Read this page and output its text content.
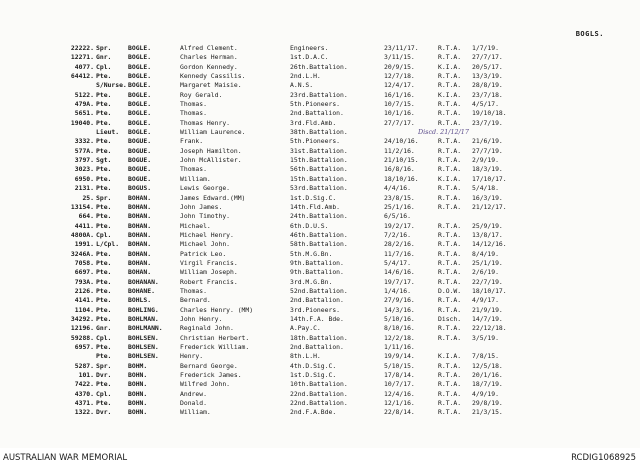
BOGLS.
22222. Spr.	BOGLE.	Alfred Clement.	Engineers.	23/11/17.	R.T.A.	1/7/19.
12271. Gnr.	BOGLE.	Charles Herman.	1st.D.A.C.	3/11/15.	R.T.A.	27/7/17.
4077. Cpl.	BOGLE.	Gordon Kennedy.	26th.Battalion.	20/9/15.	K.I.A.	20/5/17.
64412. Pte.	BOGLE.	Kennedy Cassilis.	2nd.L.H.	12/7/18.	R.T.A.	13/3/19.
S/Nurse. BOGLE.	Margaret Maisie.	A.N.S.	12/4/17.	R.T.A.	28/8/19.
5122. Pte.	BOGLE.	Roy Gerald.	23rd.Battalion.	16/1/16.	K.I.A.	23/7/18.
479A. Pte.	BOGLE.	Thomas.	5th.Pioneers.	10/7/15.	R.T.A.	4/5/17.
5651. Pte.	BOGLE.	Thomas.	2nd.Battalion.	10/1/16.	R.T.A.	19/10/18.
19040. Pte.	BOGLE.	Thomas Henry.	3rd.Fld.Amb.	27/7/17.	R.T.A.	23/7/19.
Lieut.	BOGLE.	William Laurence.	38th.Battalion.	Discd. 21/12/17
3332. Pte.	BOGUE.	Frank.	5th.Pioneers.	24/10/16.	R.T.A.	21/6/19.
577A. Pte.	BOGUE.	Joseph Hamilton.	31st.Battalion.	11/2/16.	R.T.A.	27/7/19.
3797. Sgt.	BOGUE.	John McAllister.	15th.Battalion.	21/10/15.	R.T.A.	2/9/19.
3023. Pte.	BOGUE.	Thomas.	56th.Battalion.	16/8/16.	R.T.A.	18/3/19.
6950. Pte.	BOGUE.	William.	15th.Battalion.	18/10/16.	K.I.A.	17/10/17.
2131. Pte.	BOGUS.	Lewis George.	53rd.Battalion.	4/4/16.	R.T.A.	5/4/18.
25. Spr.	BOHAN.	James Edward.(MM)	1st.D.Sig.C.	23/8/15.	R.T.A.	16/3/19.
13154. Pte.	BOHAN.	John James.	14th.Fld.Amb.	25/1/16.	R.T.A.	21/12/17.
664. Pte.	BOHAN.	John Timothy.	24th.Battalion.	6/5/16.
4411. Pte.	BOHAN.	Michael.	6th.D.U.S.	19/2/17.	R.T.A.	25/9/19.
4800A. Cpl.	BOHAN.	Michael Henry.	46th.Battalion.	7/2/16.	R.T.A.	13/8/17.
1991. L/Cpl.	BOHAN.	Michael John.	58th.Battalion.	28/2/16.	R.T.A.	14/12/16.
3246A. Pte.	BOHAN.	Patrick Leo.	5th.M.G.Bn.	11/7/16.	R.T.A.	8/4/19.
7058. Pte.	BOHAN.	Virgil Francis.	9th.Battalion.	5/4/17.	R.T.A.	25/1/19.
6697. Pte.	BOHAN.	William Joseph.	9th.Battalion.	14/6/16.	R.T.A.	2/6/19.
793A. Pte.	BOHANAN.	Robert Francis.	3rd.M.G.Bn.	19/7/17.	R.T.A.	22/7/19.
2126. Pte.	BOHANE.	Thomas.	52nd.Battalion.	1/4/16.	D.O.W.	18/10/17.
4141. Pte.	BOHLS.	Bernard.	2nd.Battalion.	27/9/16.	R.T.A.	4/9/17.
1104. Pte.	BOHLING.	Charles Henry. (MM)	3rd.Pioneers.	14/3/16.	R.T.A.	21/9/19.
34292. Pte.	BOHLMAN.	John Henry.	14th.F.A. Bde.	5/10/16.	Disch.	14/7/19.
12196. Gnr.	BOHLMANN.	Reginald John.	A.Pay.C.	8/10/16.	R.T.A.	22/12/18.
59288. Cpl.	BOHLSEN.	Christian Herbert.	18th.Battalion.	12/2/18.	R.T.A.	3/5/19.
6957. Pte.	BOHLSEN.	Frederick William.	2nd.Battalion.	1/11/16.
Pte.	BOHLSEN.	Henry.	8th.L.H.	19/9/14.	K.I.A.	7/8/15.
5287. Spr.	BOHM.	Bernard George.	4th.D.Sig.C.	5/10/15.	R.T.A.	12/5/18.
101. Dvr.	BOHN.	Frederick James.	1st.D.Sig.C.	17/8/14.	R.T.A.	20/1/16.
7422. Pte.	BOHN.	Wilfred John.	10th.Battalion.	10/7/17.	R.T.A.	18/7/19.
4370. Cpl.	BOHN.	Andrew.	22nd.Battalion.	12/4/16.	R.T.A.	4/9/19.
4371. Pte.	BOHN.	Donald.	22nd.Battalion.	12/1/16.	R.T.A.	29/8/19.
1322. Dvr.	BOHN.	William.	2nd.F.A.Bde.	22/8/14.	R.T.A.	21/3/15.
AUSTRALIAN WAR MEMORIAL	RCDIG1068925
